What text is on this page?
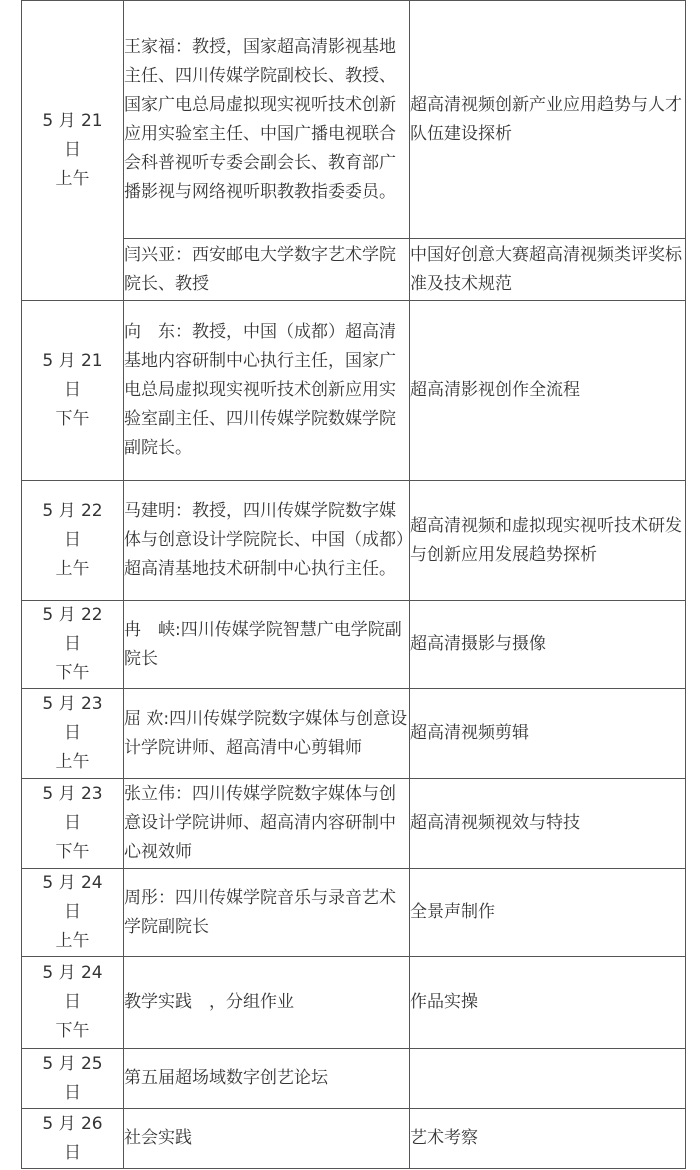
5 月 21
日
上午	王家福：教授，国家超高清影视基地主任、四川传媒学院副校长、教授、国家广电总局虚拟现实视听技术创新应用实验室主任、中国广播电视联合会科普视听专委会副会长、教育部广播影视与网络视听职教教指委委员。	超高清视频创新产业应用趋势与人才队伍建设探析
	闫兴亚：西安邮电大学数字艺术学院院长、教授	中国好创意大赛超高清视频类评奖标准及技术规范

5 月 21
日
下午	向　东：教授，中国（成都）超高清基地内容研制中心执行主任，国家广电总局虚拟现实视听技术创新应用实验室副主任、四川传媒学院数媒学院副院长。	超高清影视创作全流程

5 月 22
日
上午	马建明：教授，四川传媒学院数字媒体与创意设计学院院长、中国（成都）超高清基地技术研制中心执行主任。	超高清视频和虚拟现实视听技术研发与创新应用发展趋势探析

5 月 22
日
下午	冉　峡:四川传媒学院智慧广电学院副院长	超高清摄影与摄像

5 月 23
日
上午	屈 欢:四川传媒学院数字媒体与创意设计学院讲师、超高清中心剪辑师	超高清视频剪辑

5 月 23
日
下午	张立伟：四川传媒学院数字媒体与创意设计学院讲师、超高清内容研制中心视效师	超高清视频视效与特技

5 月 24
日
上午	周彤：四川传媒学院音乐与录音艺术学院副院长	全景声制作

5 月 24
日
下午	教学实践　，分组作业	作品实操

5 月 25
日	第五届超场域数字创艺论坛	

5 月 26
日	社会实践	艺术考察
